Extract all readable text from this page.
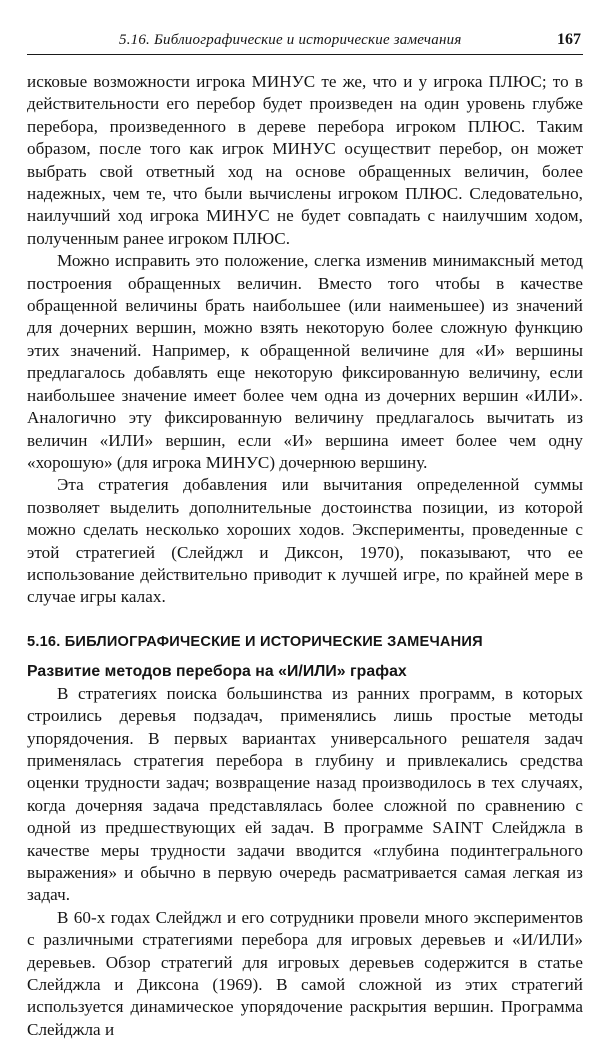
5.16. Библиографические и исторические замечания	167

исковые возможности игрока МИНУС те же, что и у игрока ПЛЮС; то в действительности его перебор будет произведен на один уровень глубже перебора, произведенного в дереве перебора игроком ПЛЮС. Таким образом, после того как игрок МИНУС осуществит перебор, он может выбрать свой ответный ход на основе обращенных величин, более надежных, чем те, что были вычислены игроком ПЛЮС. Следовательно, наилучший ход игрока МИНУС не будет совпадать с наилучшим ходом, полученным ранее игроком ПЛЮС.

Можно исправить это положение, слегка изменив минимаксный метод построения обращенных величин. Вместо того чтобы в качестве обращенной величины брать наибольшее (или наименьшее) из значений для дочерних вершин, можно взять некоторую более сложную функцию этих значений. Например, к обращенной величине для «И» вершины предлагалось добавлять еще некоторую фиксированную величину, если наибольшее значение имеет более чем одна из дочерних вершин «ИЛИ». Аналогично эту фиксированную величину предлагалось вычитать из величин «ИЛИ» вершин, если «И» вершина имеет более чем одну «хорошую» (для игрока МИНУС) дочернюю вершину.

Эта стратегия добавления или вычитания определенной суммы позволяет выделить дополнительные достоинства позиции, из которой можно сделать несколько хороших ходов. Эксперименты, проведенные с этой стратегией (Слейджл и Диксон, 1970), показывают, что ее использование действительно приводит к лучшей игре, по крайней мере в случае игры калах.

5.16. БИБЛИОГРАФИЧЕСКИЕ И ИСТОРИЧЕСКИЕ ЗАМЕЧАНИЯ
Развитие методов перебора на «И/ИЛИ» графах

В стратегиях поиска большинства из ранних программ, в которых строились деревья подзадач, применялись лишь простые методы упорядочения. В первых вариантах универсального решателя задач применялась стратегия перебора в глубину и привлекались средства оценки трудности задач; возвращение назад производилось в тех случаях, когда дочерняя задача представлялась более сложной по сравнению с одной из предшествующих ей задач. В программе SAINT Слейджла в качестве меры трудности задачи вводится «глубина подинтегрального выражения» и обычно в первую очередь расматривается самая легкая из задач.

В 60-х годах Слейджл и его сотрудники провели много экспериментов с различными стратегиями перебора для игровых деревьев и «И/ИЛИ» деревьев. Обзор стратегий для игровых деревьев содержится в статье Слейджла и Диксона (1969). В самой сложной из этих стратегий используется динамическое упорядочение раскрытия вершин. Программа Слейджла и
